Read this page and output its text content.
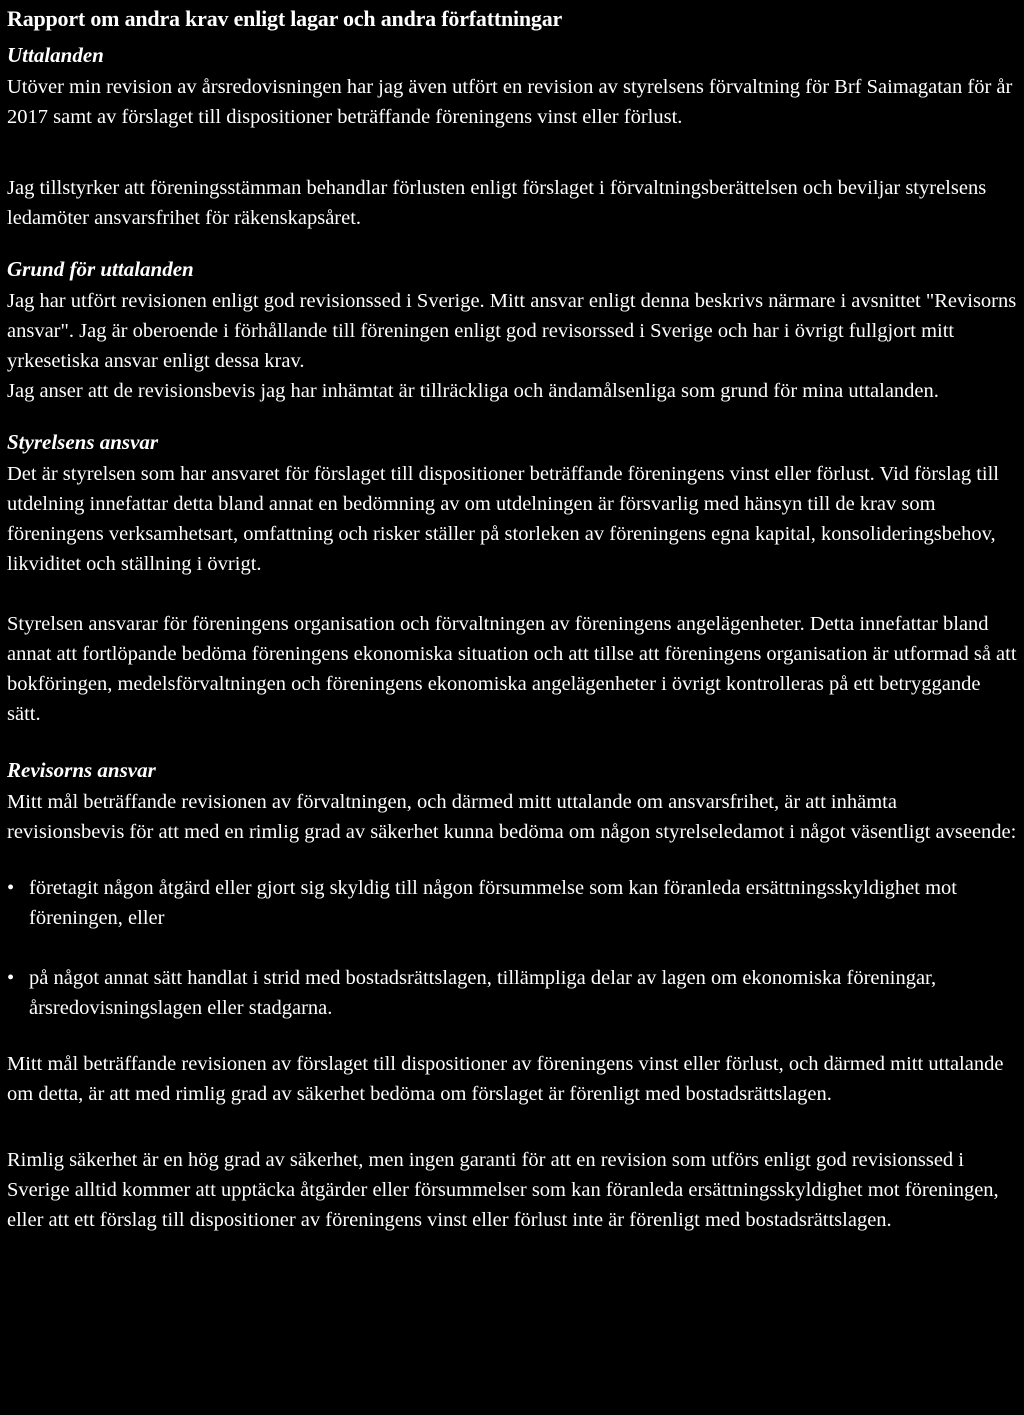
Rapport om andra krav enligt lagar och andra författningar
Uttalanden

Utöver min revision av årsredovisningen har jag även utfört en revision av styrelsens förvaltning för Brf Saimagatan för år 2017 samt av förslaget till dispositioner beträffande föreningens vinst eller förlust.

Jag tillstyrker att föreningsstämman behandlar förlusten enligt förslaget i förvaltningsberättelsen och beviljar styrelsens ledamöter ansvarsfrihet för räkenskapsåret.

Grund för uttalanden

Jag har utfört revisionen enligt god revisionssed i Sverige. Mitt ansvar enligt denna beskrivs närmare i avsnittet "Revisorns ansvar". Jag är oberoende i förhållande till föreningen enligt god revisorssed i Sverige och har i övrigt fullgjort mitt yrkesetiska ansvar enligt dessa krav.

Jag anser att de revisionsbevis jag har inhämtat är tillräckliga och ändamålsenliga som grund för mina uttalanden.

Styrelsens ansvar

Det är styrelsen som har ansvaret för förslaget till dispositioner beträffande föreningens vinst eller förlust. Vid förslag till utdelning innefattar detta bland annat en bedömning av om utdelningen är försvarlig med hänsyn till de krav som föreningens verksamhetsart, omfattning och risker ställer på storleken av föreningens egna kapital, konsolideringsbehov, likviditet och ställning i övrigt.

Styrelsen ansvarar för föreningens organisation och förvaltningen av föreningens angelägenheter. Detta innefattar bland annat att fortlöpande bedöma föreningens ekonomiska situation och att tillse att föreningens organisation är utformad så att bokföringen, medelsförvaltningen och föreningens ekonomiska angelägenheter i övrigt kontrolleras på ett betryggande sätt.

Revisorns ansvar

Mitt mål beträffande revisionen av förvaltningen, och därmed mitt uttalande om ansvarsfrihet, är att inhämta revisionsbevis för att med en rimlig grad av säkerhet kunna bedöma om någon styrelseledamot i något väsentligt avseende:

• företagit någon åtgärd eller gjort sig skyldig till någon försummelse som kan föranleda ersättningsskyldighet mot föreningen, eller
• på något annat sätt handlat i strid med bostadsrättslagen, tillämpliga delar av lagen om ekonomiska föreningar, årsredovisningslagen eller stadgarna.

Mitt mål beträffande revisionen av förslaget till dispositioner av föreningens vinst eller förlust, och därmed mitt uttalande om detta, är att med rimlig grad av säkerhet bedöma om förslaget är förenligt med bostadsrättslagen.

Rimlig säkerhet är en hög grad av säkerhet, men ingen garanti för att en revision som utförs enligt god revisionssed i Sverige alltid kommer att upptäcka åtgärder eller försummelser som kan föranleda ersättningsskyldighet mot föreningen, eller att ett förslag till dispositioner av föreningens vinst eller förlust inte är förenligt med bostadsrättslagen.
